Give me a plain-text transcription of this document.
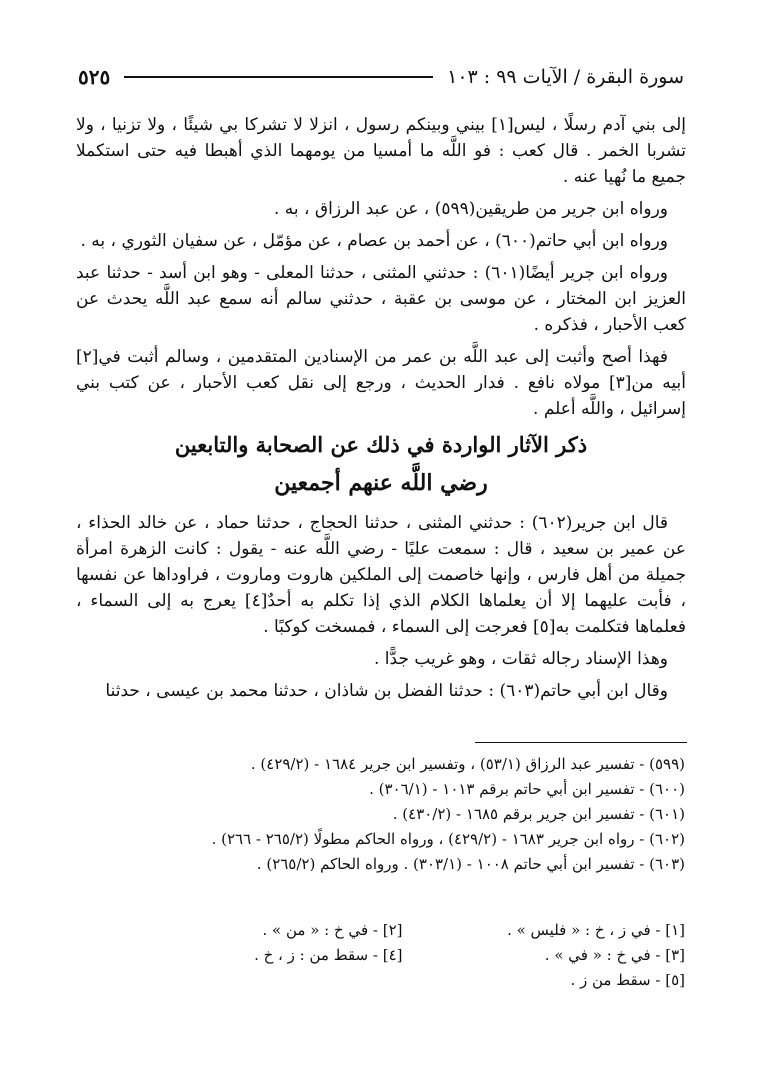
سورة البقرة / الآيات ٩٩ : ١٠٣
٥٢٥

إلى بني آدم رسلًا ، ليس[١] بيني وبينكم رسول ، انزلا لا تشركا بي شيئًا ، ولا تزنيا ، ولا تشربا الخمر . قال كعب : فو اللَّه ما أمسيا من يومهما الذي أهبطا فيه حتى استكملا جميع ما نُهيا عنه .

ورواه ابن جرير من طريقين(٥٩٩) ، عن عبد الرزاق ، به .

ورواه ابن أبي حاتم(٦٠٠) ، عن أحمد بن عصام ، عن مؤمّل ، عن سفيان الثوري ، به .

ورواه ابن جرير أيضًا(٦٠١) : حدثني المثنى ، حدثنا المعلى - وهو ابن أسد - حدثنا عبد العزيز ابن المختار ، عن موسى بن عقبة ، حدثني سالم أنه سمع عبد اللَّه يحدث عن كعب الأحبار ، فذكره .

فهذا أصح وأثبت إلى عبد اللَّه بن عمر من الإسنادين المتقدمين ، وسالم أثبت في[٢] أبيه من[٣] مولاه نافع . فدار الحديث ، ورجع إلى نقل كعب الأحبار ، عن كتب بني إسرائيل ، واللَّه أعلم .

ذكر الآثار الواردة في ذلك عن الصحابة والتابعين
رضي اللَّه عنهم أجمعين

قال ابن جرير(٦٠٢) : حدثني المثنى ، حدثنا الحجاج ، حدثنا حماد ، عن خالد الحذاء ، عن عمير بن سعيد ، قال : سمعت عليًا - رضي اللَّه عنه - يقول : كانت الزهرة امرأة جميلة من أهل فارس ، وإنها خاصمت إلى الملكين هاروت وماروت ، فراوداها عن نفسها ، فأبت عليهما إلا أن يعلماها الكلام الذي إذا تكلم به أحدٌ[٤] يعرج به إلى السماء ، فعلماها فتكلمت به[٥] فعرجت إلى السماء ، فمسخت كوكبًا .

وهذا الإسناد رجاله ثقات ، وهو غريب جدًّا .

وقال ابن أبي حاتم(٦٠٣) : حدثنا الفضل بن شاذان ، حدثنا محمد بن عيسى ، حدثنا

(٥٩٩) - تفسير عبد الرزاق (٥٣/١) ، وتفسير ابن جرير ١٦٨٤ - (٤٢٩/٢) .
(٦٠٠) - تفسير ابن أبي حاتم برقم ١٠١٣ - (٣٠٦/١) .
(٦٠١) - تفسير ابن جرير برقم ١٦٨٥ - (٤٣٠/٢) .
(٦٠٢) - رواه ابن جرير ١٦٨٣ - (٤٢٩/٢) ، ورواه الحاكم مطولًا (٢٦٥/٢ - ٢٦٦) .
(٦٠٣) - تفسير ابن أبي حاتم ١٠٠٨ - (٣٠٣/١) . ورواه الحاكم (٢٦٥/٢) .
[١] - في ز ، خ : « فليس » .
[٢] - في خ : « من » .
[٣] - في خ : « في » .
[٤] - سقط من : ز ، خ .
[٥] - سقط من ز .
